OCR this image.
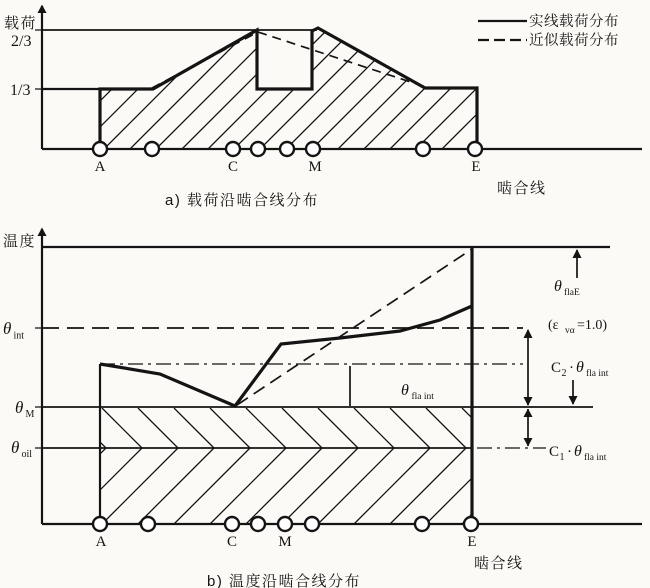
载荷
2/3
1/3
A	C	M	E
啮合线
实线载荷分布
近似载荷分布
a) 载荷沿啮合线分布
温度
θint
θ M
θoil
A	C	M	E
啮合线
θfla int
θflaE
(ε vα =1.0)
C2 · θ fla int
C1 · θ fla int
b) 温度沿啮合线分布
